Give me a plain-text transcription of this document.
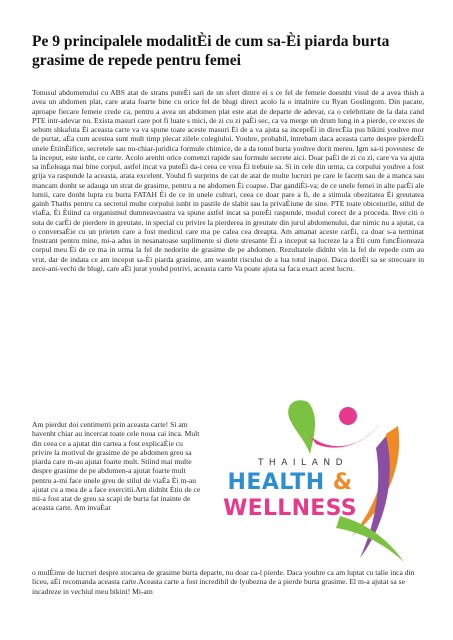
Pe 9 principalele modalitÈi de cum sa-Èi piarda burta grasime de repede pentru femei

Tonusul abdomenului cu ABS atat de strans puteÈi sari de un sfert dintre ei s ce fel de femeie doesnht visul de a avea thish a avea un abdomen plat, care arata foarte bine cu orice fel de blugi direct acolo la o intalnire cu Ryan Goslingom. Din pacate, aproape fiecare femeie crede ca, pentru a avea un abdomen plat este atat de departe de adevar, ca o celebritate de la data cand PTE intr-adevar nu. Exista masuri care pot fi luate s mici, de zi cu zi paÈi sec, ca va merge un drum lung in a pierde, ce exces de sebum shkafuta Èi aceasta carte va va spune toate aceste masuri Èi de a va ajuta sa incepeÈi in direcÈia pus bikini youhve mor de purtat, aÈa cum acestea sunt mult timp plecat zilele colegiului. Youhre, probabil, intrebam daca aceasta carte despre pierdeÈi unele ÈtiinÈifice, secretele sau nu-chiar-juridica formule chimice, de a da tonul burta youhve dorit mereu. Igm sa-ti povestesc de la inceput, este isnht, ce carte. Acolo arenht orice comenzi rapide sau formule secrete aici. Doar paÈi de zi cu zi, care va va ajuta sa inÈeleaga mai bine corpul, astfel incat va puteÈi da-i ceea ce vrea Èi trebuie sa. Si in cele din urma, ca corpului youhve a fost grija va raspunde la aceasta, arata excelent. Youhd fi surprins de cat de atat de multe lucruri pe care le facem sau de a manca sau mancam donht se adauga un strat de grasime, pentru a ne abdomen Èi coapse. Dar gandiÈi-va; de ce unele femei in alte parÈi ale lumii, care donht lupta cu burta FATAH Èi de ce in unele culturi, ceea ce doar pare a fi, de a stimula obezitatea Èi greutatea gainh Thaths pentru ca secretul multe corpului isnht in pastile de slabit sau la privaÈiune de sine. PTE toate obiceiurile, stilul de viaÈa, Èi Ètiind ca organismul dumneavoastra va spune astfel incat sa puteÈi raspunde, modul corect de a proceda. Ihve citi o suta de carÈi de pierdere in greutate, in special cu privire la pierderea in greutate din jurul abdomenului, dar nimic nu a ajutat, ca o conversaÈie cu un prieten care a fost medicul care ma pe calea cea dreapta. Am amanat aceste carÈi, ca doar s-a terminat frustrant pentru mine, mi-a adus in nesanatoase suplimente si diete stresante Èi a inceput sa lucreze la a Èti cum funcÈioneaza corpul meu Èi de ce ma in urma la fel de nedorite de grasime de pe abdomen. Rezultatele didnht vin la fel de repede cum au vrut, dar de indata ce am inceput sa-Èi piarda grasime, am wasnht riscului de a lua totul inapoi. Daca doriÈi sa se strecoare in zece-ani-vechi de blugi, care aÈi jurat youhd potrivi, aceasta carte Va poate ajuta sa faca exact acest lucru.

Am pierdut doi centimetri prin aceasta carte! Si am havenht chiar au incercat toate cele noua cai inca. Mult din ceea ce a ajutat din cartea a fost explicaÈie cu privire la motivul de grasime de pe abdomen greu sa piarda care m-au ajutat foarte mult. Stiind mai multe despre grasime de pe abdomen-a ajutat foarte mult pentru a-mi face unele greu de stilul de viaÈa Èi m-au ajutat cu a mea de a face exercitii.Am didnht Ètiu de ce mi-a fost atat de greu sa scapi de burta fat inainte de aceasta carte. Am invaÈat

THAILAND
HEALTH &
WELLNESS

o mulÈime de lucruri despre stocarea de grasime burta departe, nu doar ca-l pierde. Daca youhre ca am luptat cu talie inca din liceu, aÈi recomanda aceasta carte.Aceasta carte a fost incredibil de lyubezna de a pierde burta grasime. El m-a ajutat sa se incadreze in vechiul meu bikini! Mi-am
